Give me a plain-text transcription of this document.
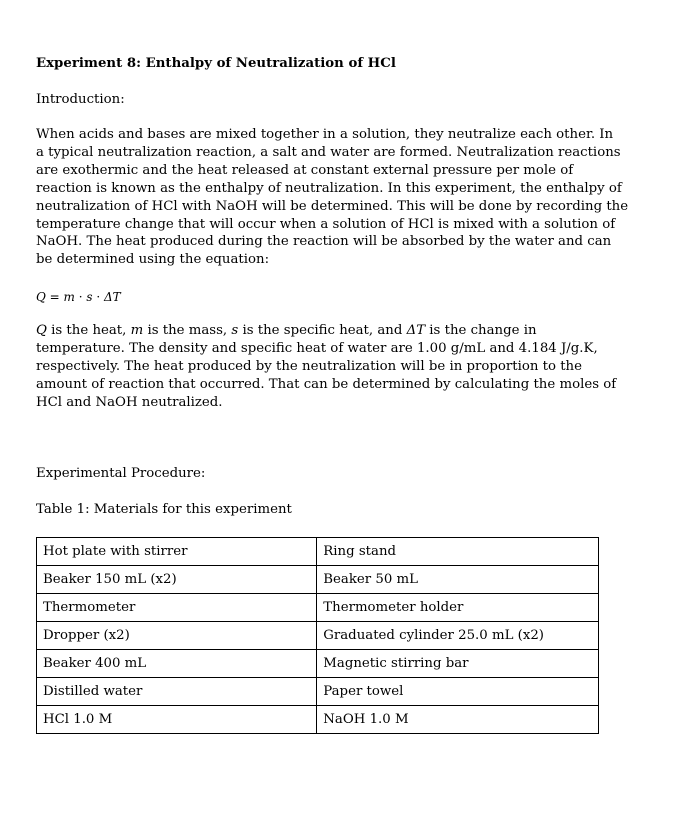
Experiment 8: Enthalpy of Neutralization of HCl
Introduction:
When acids and bases are mixed together in a solution, they neutralize each other. In
a typical neutralization reaction, a salt and water are formed. Neutralization reactions
are exothermic and the heat released at constant external pressure per mole of
reaction is known as the enthalpy of neutralization. In this experiment, the enthalpy of
neutralization of HCl with NaOH will be determined. This will be done by recording the
temperature change that will occur when a solution of HCl is mixed with a solution of
NaOH. The heat produced during the reaction will be absorbed by the water and can
be determined using the equation:
Q = m · s · ΔT
Q is the heat, m is the mass, s is the specific heat, and ΔT is the change in
temperature. The density and specific heat of water are 1.00 g/mL and 4.184 J/g.K,
respectively. The heat produced by the neutralization will be in proportion to the
amount of reaction that occurred. That can be determined by calculating the moles of
HCl and NaOH neutralized.
Experimental Procedure:
Table 1: Materials for this experiment
Hot plate with stirrer	Ring stand
Beaker 150 mL (x2)	Beaker 50 mL
Thermometer	Thermometer holder
Dropper (x2)	Graduated cylinder 25.0 mL (x2)
Beaker 400 mL	Magnetic stirring bar
Distilled water	Paper towel
HCl 1.0 M	NaOH 1.0 M
